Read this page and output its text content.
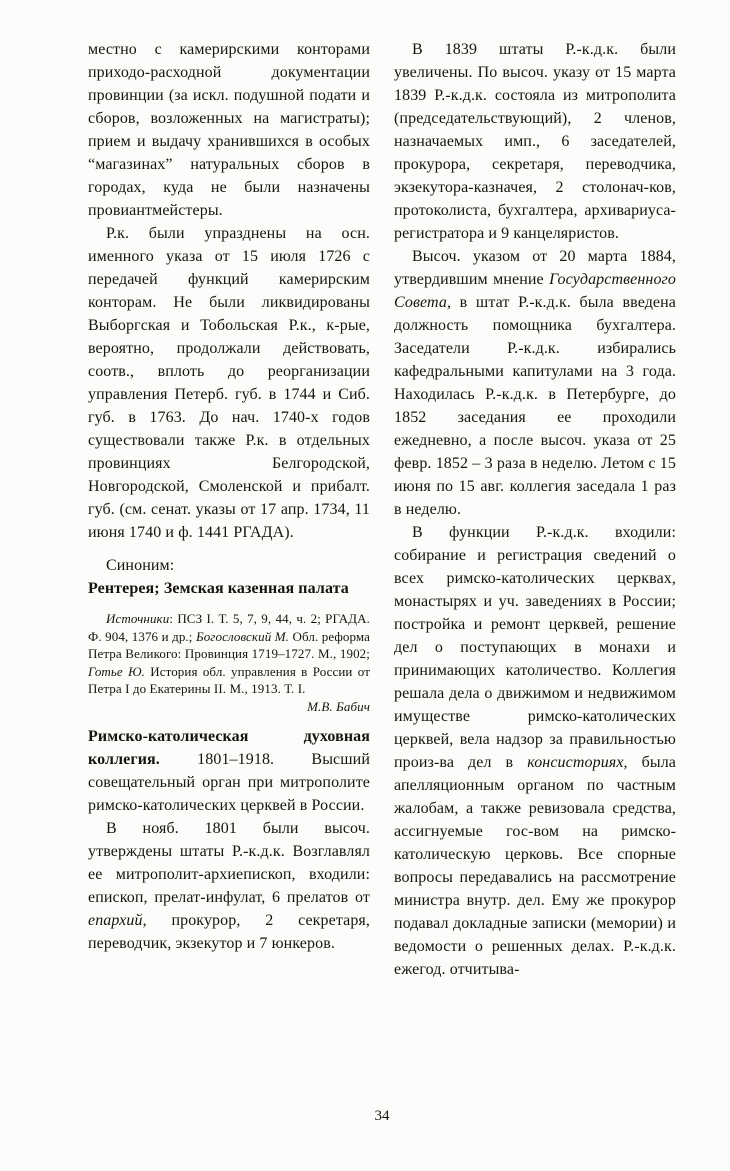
местно с камерирскими конторами приходо-расходной документации провинции (за искл. подушной подати и сборов, возложенных на магистраты); прием и выдачу хранившихся в особых “магазинах” натуральных сборов в городах, куда не были назначены провиантмейстеры.

Р.к. были упразднены на осн. именного указа от 15 июля 1726 с передачей функций камерирским конторам. Не были ликвидированы Выборгская и Тобольская Р.к., к-рые, вероятно, продолжали действовать, соотв., вплоть до реорганизации управления Петерб. губ. в 1744 и Сиб. губ. в 1763. До нач. 1740-х годов существовали также Р.к. в отдельных провинциях Белгородской, Новгородской, Смоленской и прибалт. губ. (см. сенат. указы от 17 апр. 1734, 11 июня 1740 и ф. 1441 РГАДА).

Синоним:

Рентерея; Земская казенная палата

Источники: ПСЗ I. Т. 5, 7, 9, 44, ч. 2; РГАДА. Ф. 904, 1376 и др.; Богословский М. Обл. реформа Петра Великого: Провинция 1719–1727. М., 1902; Готье Ю. История обл. управления в России от Петра I до Екатерины II. М., 1913. Т. I.

М.В. Бабич

Римско-католическая духовная коллегия. 1801–1918. Высший совещательный орган при митрополите римско-католических церквей в России.

В нояб. 1801 были высоч. утверждены штаты Р.-к.д.к. Возглавлял ее митрополит-архиепископ, входили: епископ, прелат-инфулат, 6 прелатов от епархий, прокурор, 2 секретаря, переводчик, экзекутор и 7 юнкеров.

В 1839 штаты Р.-к.д.к. были увеличены. По высоч. указу от 15 марта 1839 Р.-к.д.к. состояла из митрополита (председательствующий), 2 членов, назначаемых имп., 6 заседателей, прокурора, секретаря, переводчика, экзекутора-казначея, 2 столонач-ков, протоколиста, бухгалтера, архивариуса-регистратора и 9 канцеляристов.

Высоч. указом от 20 марта 1884, утвердившим мнение Государственного Совета, в штат Р.-к.д.к. была введена должность помощника бухгалтера. Заседатели Р.-к.д.к. избирались кафедральными капитулами на 3 года. Находилась Р.-к.д.к. в Петербурге, до 1852 заседания ее проходили ежедневно, а после высоч. указа от 25 февр. 1852 – 3 раза в неделю. Летом с 15 июня по 15 авг. коллегия заседала 1 раз в неделю.

В функции Р.-к.д.к. входили: собирание и регистрация сведений о всех римско-католических церквах, монастырях и уч. заведениях в России; постройка и ремонт церквей, решение дел о поступающих в монахи и принимающих католичество. Коллегия решала дела о движимом и недвижимом имуществе римско-католических церквей, вела надзор за правильностью произ-ва дел в консисториях, была апелляционным органом по частным жалобам, а также ревизовала средства, ассигнуемые гос-вом на римско-католическую церковь. Все спорные вопросы передавались на рассмотрение министра внутр. дел. Ему же прокурор подавал докладные записки (мемории) и ведомости о решенных делах. Р.-к.д.к. ежегод. отчитыва-

34
